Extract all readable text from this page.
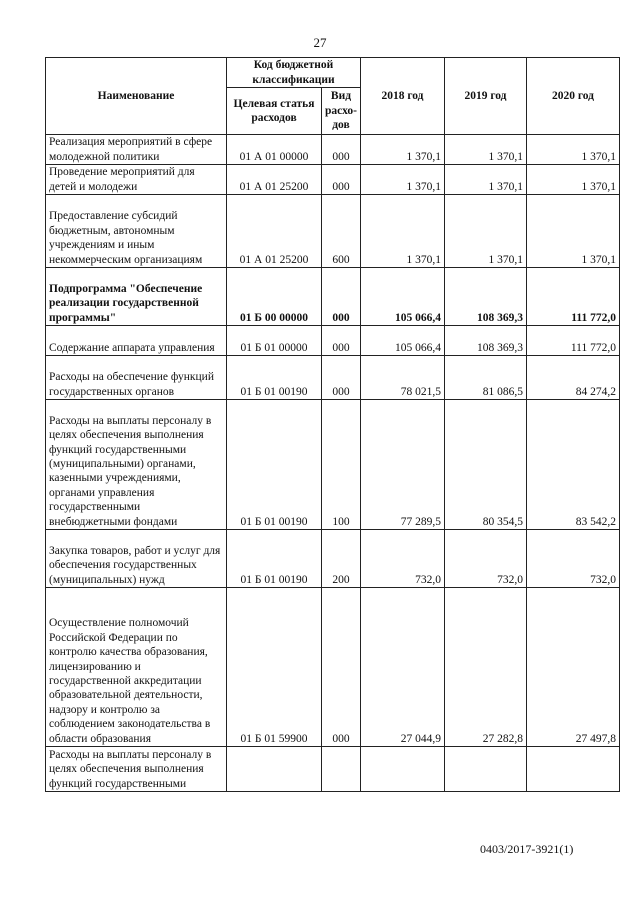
27
Наименование	Код бюджетной классификации		2018 год	2019 год	2020 год
	Целевая статья расходов	Вид расхо-дов			
Реализация мероприятий в сфере молодежной политики	01 А 01 00000	000	1 370,1	1 370,1	1 370,1
Проведение мероприятий для детей и молодежи	01 А 01 25200	000	1 370,1	1 370,1	1 370,1
Предоставление субсидий бюджетным, автономным учреждениям и иным некоммерческим организациям	01 А 01 25200	600	1 370,1	1 370,1	1 370,1
Подпрограмма "Обеспечение реализации государственной программы"	01 Б 00 00000	000	105 066,4	108 369,3	111 772,0
Содержание аппарата управления	01 Б 01 00000	000	105 066,4	108 369,3	111 772,0
Расходы на обеспечение функций государственных органов	01 Б 01 00190	000	78 021,5	81 086,5	84 274,2
Расходы на выплаты персоналу в целях обеспечения выполнения функций государственными (муниципальными) органами, казенными учреждениями, органами управления государственными внебюджетными фондами	01 Б 01 00190	100	77 289,5	80 354,5	83 542,2
Закупка товаров, работ и услуг для обеспечения государственных (муниципальных) нужд	01 Б 01 00190	200	732,0	732,0	732,0
Осуществление полномочий Российской Федерации по контролю качества образования, лицензированию и государственной аккредитации образовательной деятельности, надзору и контролю за соблюдением законодательства в области образования	01 Б 01 59900	000	27 044,9	27 282,8	27 497,8
Расходы на выплаты персоналу в целях обеспечения выполнения функций государственными					
0403/2017-3921(1)
